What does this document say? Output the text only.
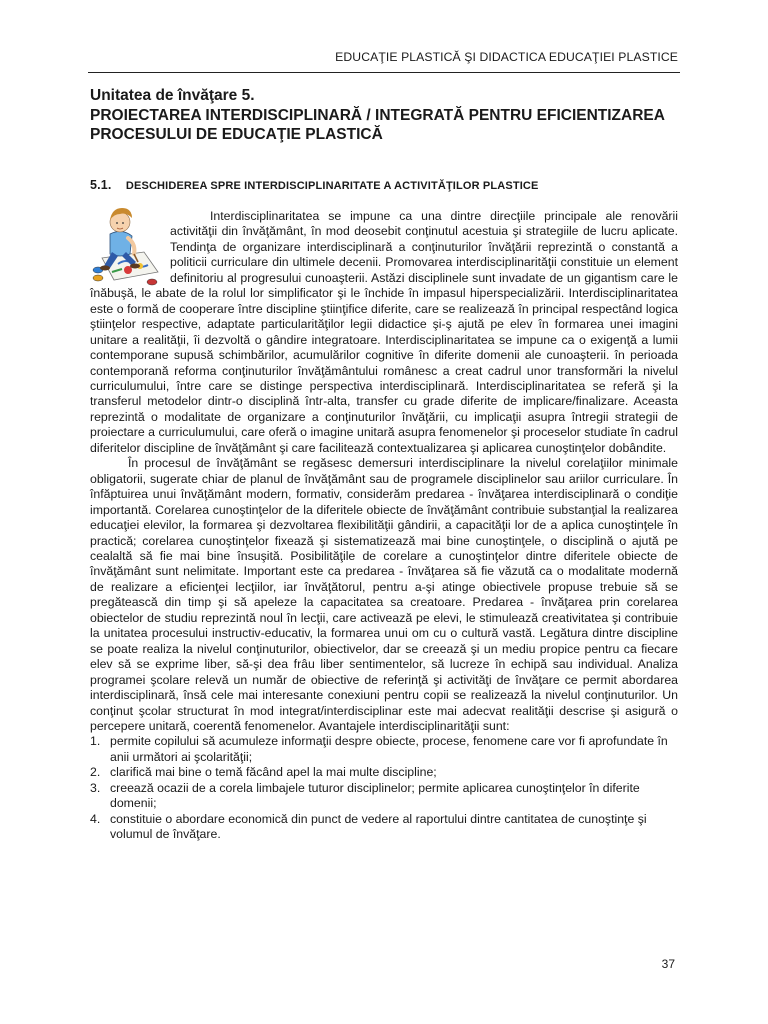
EDUCAŢIE PLASTICĂ ŞI DIDACTICA EDUCAŢIEI PLASTICE
Unitatea de învăţare 5.
PROIECTAREA INTERDISCIPLINARĂ / INTEGRATĂ PENTRU EFICIENTIZAREA
PROCESULUI DE EDUCAŢIE PLASTICĂ
5.1. DESCHIDEREA SPRE INTERDISCIPLINARITATE A ACTIVITĂŢILOR PLASTICE

Interdisciplinaritatea se impune ca una dintre direcţiile principale ale renovării activităţii din învăţământ, în mod deosebit conţinutul acestuia şi strategiile de lucru aplicate. Tendinţa de organizare interdisciplinară a conţinuturilor învăţării reprezintă o constantă a politicii curriculare din ultimele decenii. Promovarea interdisciplinarităţii constituie un element definitoriu al progresului cunoaşterii. Astăzi disciplinele sunt invadate de un gigantism care le înăbuşă, le abate de la rolul lor simplificator şi le închide în impasul hiperspecializării. Interdisciplinaritatea este o formă de cooperare între discipline ştiinţifice diferite, care se realizează în principal respectând logica ştiinţelor respective, adaptate particularităţilor legii didactice şi-ş ajută pe elev în formarea unei imagini unitare a realităţii, îi dezvoltă o gândire integratoare. Interdisciplinaritatea se impune ca o exigenţă a lumii contemporane supusă schimbărilor, acumulărilor cognitive în diferite domenii ale cunoaşterii. în perioada contemporană reforma conţinuturilor învăţământului românesc a creat cadrul unor transformări la nivelul curriculumului, între care se distinge perspectiva interdisciplinară. Interdisciplinaritatea se referă şi la transferul metodelor dintr-o disciplină într-alta, transfer cu grade diferite de implicare/finalizare. Aceasta reprezintă o modalitate de organizare a conţinuturilor învăţării, cu implicaţii asupra întregii strategii de proiectare a curriculumului, care oferă o imagine unitară asupra fenomenelor şi proceselor studiate în cadrul diferitelor discipline de învăţământ şi care facilitează contextualizarea şi aplicarea cunoştinţelor dobândite.

În procesul de învăţământ se regăsesc demersuri interdisciplinare la nivelul corelaţiilor minimale obligatorii, sugerate chiar de planul de învăţământ sau de programele disciplinelor sau ariilor curriculare. În înfăptuirea unui învăţământ modern, formativ, considerăm predarea - învăţarea interdisciplinară o condiţie importantă. Corelarea cunoştinţelor de la diferitele obiecte de învăţământ contribuie substanţial la realizarea educaţiei elevilor, la formarea şi dezvoltarea flexibilităţii gândirii, a capacităţii lor de a aplica cunoştinţele în practică; corelarea cunoştinţelor fixează şi sistematizează mai bine cunoştinţele, o disciplină o ajută pe cealaltă să fie mai bine însuşită. Posibilităţile de corelare a cunoştinţelor dintre diferitele obiecte de învăţământ sunt nelimitate. Important este ca predarea - învăţarea să fie văzută ca o modalitate modernă de realizare a eficienţei lecţiilor, iar învăţătorul, pentru a-şi atinge obiectivele propuse trebuie să se pregătească din timp şi să apeleze la capacitatea sa creatoare. Predarea - învăţarea prin corelarea obiectelor de studiu reprezintă noul în lecţii, care activează pe elevi, le stimulează creativitatea şi contribuie la unitatea procesului instructiv-educativ, la formarea unui om cu o cultură vastă. Legătura dintre discipline se poate realiza la nivelul conţinuturilor, obiectivelor, dar se creează şi un mediu propice pentru ca fiecare elev să se exprime liber, să-şi dea frâu liber sentimentelor, să lucreze în echipă sau individual. Analiza programei şcolare relevă un număr de obiective de referinţă şi activităţi de învăţare ce permit abordarea interdisciplinară, însă cele mai interesante conexiuni pentru copii se realizează la nivelul conţinuturilor. Un conţinut şcolar structurat în mod integrat/interdisciplinar este mai adecvat realităţii descrise şi asigură o percepere unitară, coerentă fenomenelor. Avantajele interdisciplinarităţii sunt:

1. permite copilului să acumuleze informaţii despre obiecte, procese, fenomene care vor fi aprofundate în anii următori ai şcolarităţii;
2. clarifică mai bine o temă făcând apel la mai multe discipline;
3. creează ocazii de a corela limbajele tuturor disciplinelor; permite aplicarea cunoştinţelor în diferite domenii;
4. constituie o abordare economică din punct de vedere al raportului dintre cantitatea de cunoştinţe şi volumul de învăţare.
37
